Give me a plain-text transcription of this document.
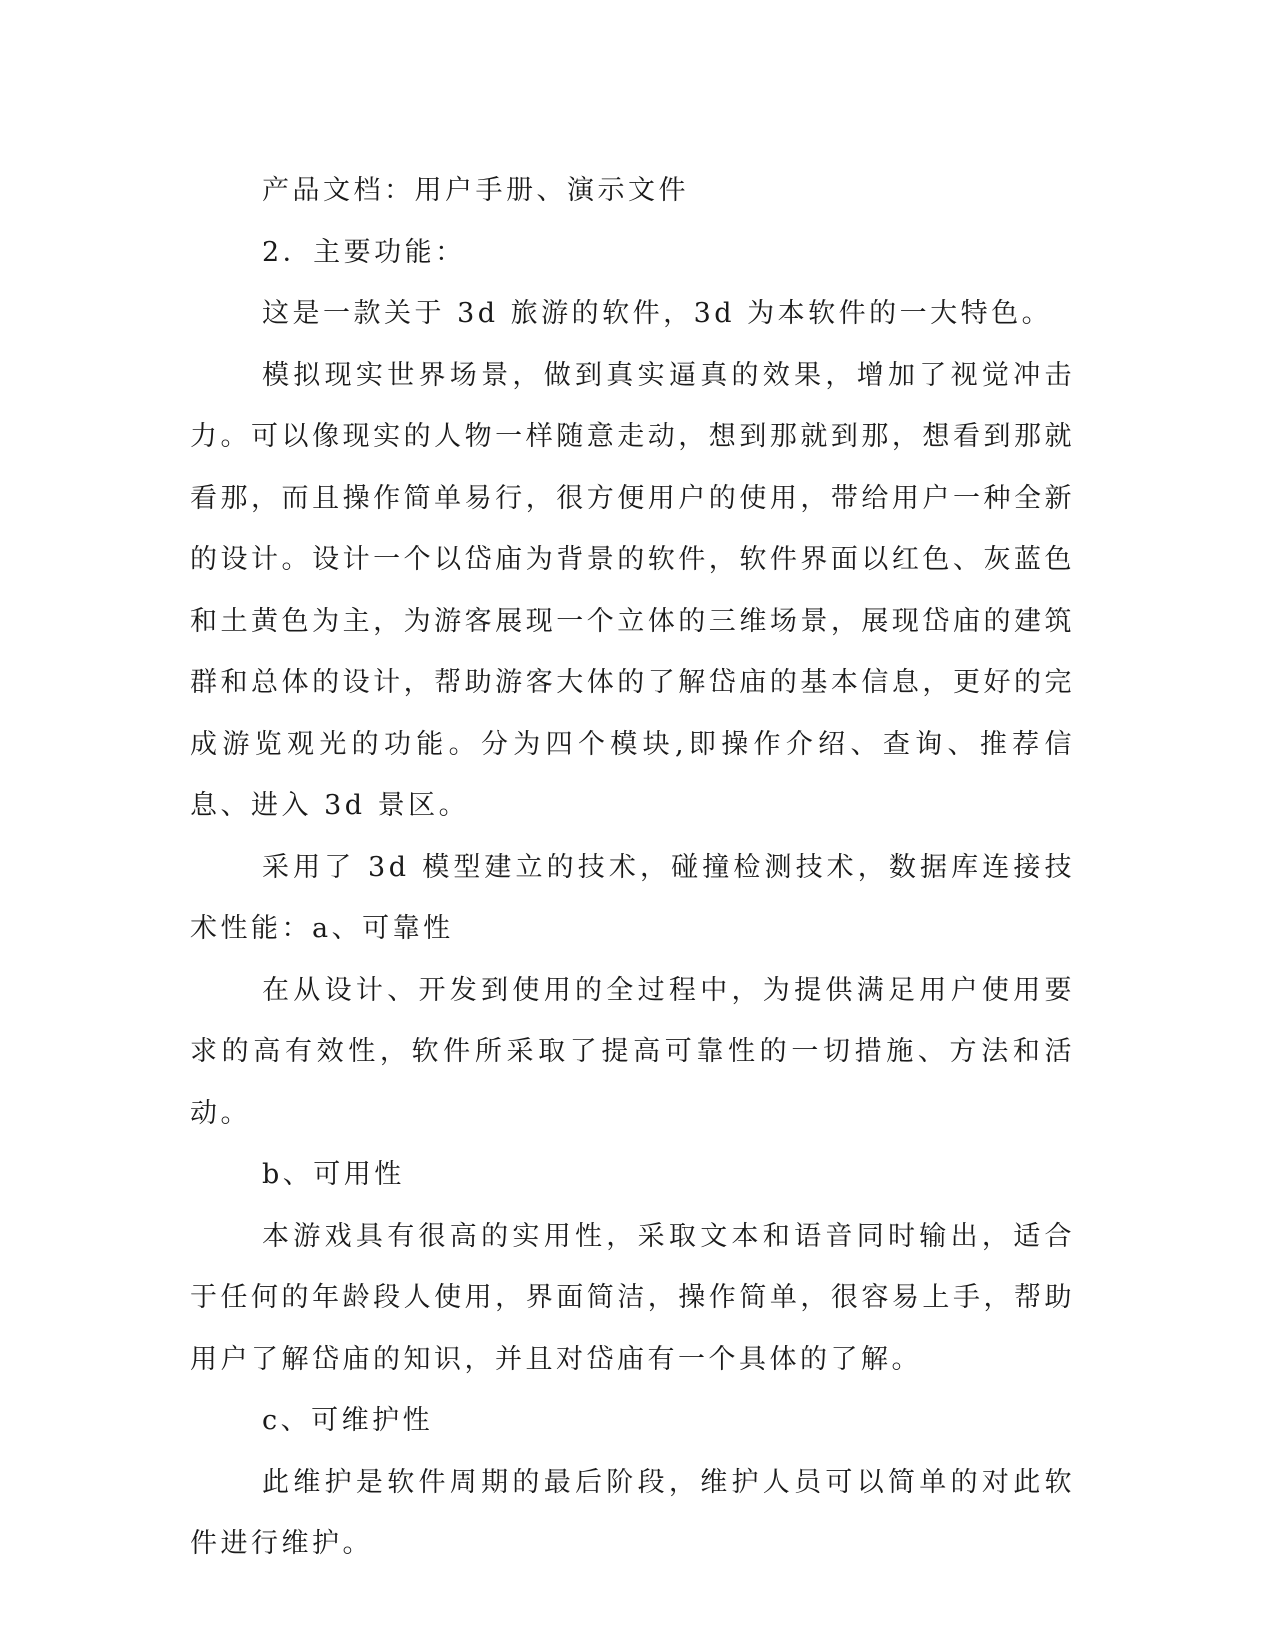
产品文档：用户手册、演示文件

2．主要功能：

这是一款关于 3d 旅游的软件，3d 为本软件的一大特色。

模拟现实世界场景，做到真实逼真的效果，增加了视觉冲击力。可以像现实的人物一样随意走动，想到那就到那，想看到那就看那，而且操作简单易行，很方便用户的使用，带给用户一种全新的设计。设计一个以岱庙为背景的软件，软件界面以红色、灰蓝色和土黄色为主，为游客展现一个立体的三维场景，展现岱庙的建筑群和总体的设计，帮助游客大体的了解岱庙的基本信息，更好的完成游览观光的功能。分为四个模块,即操作介绍、查询、推荐信息、进入 3d 景区。

采用了 3d 模型建立的技术，碰撞检测技术，数据库连接技术性能：a、可靠性

在从设计、开发到使用的全过程中，为提供满足用户使用要求的高有效性，软件所采取了提高可靠性的一切措施、方法和活动。

b、可用性

本游戏具有很高的实用性，采取文本和语音同时输出，适合于任何的年龄段人使用，界面简洁，操作简单，很容易上手，帮助用户了解岱庙的知识，并且对岱庙有一个具体的了解。

c、可维护性

此维护是软件周期的最后阶段，维护人员可以简单的对此软件进行维护。
